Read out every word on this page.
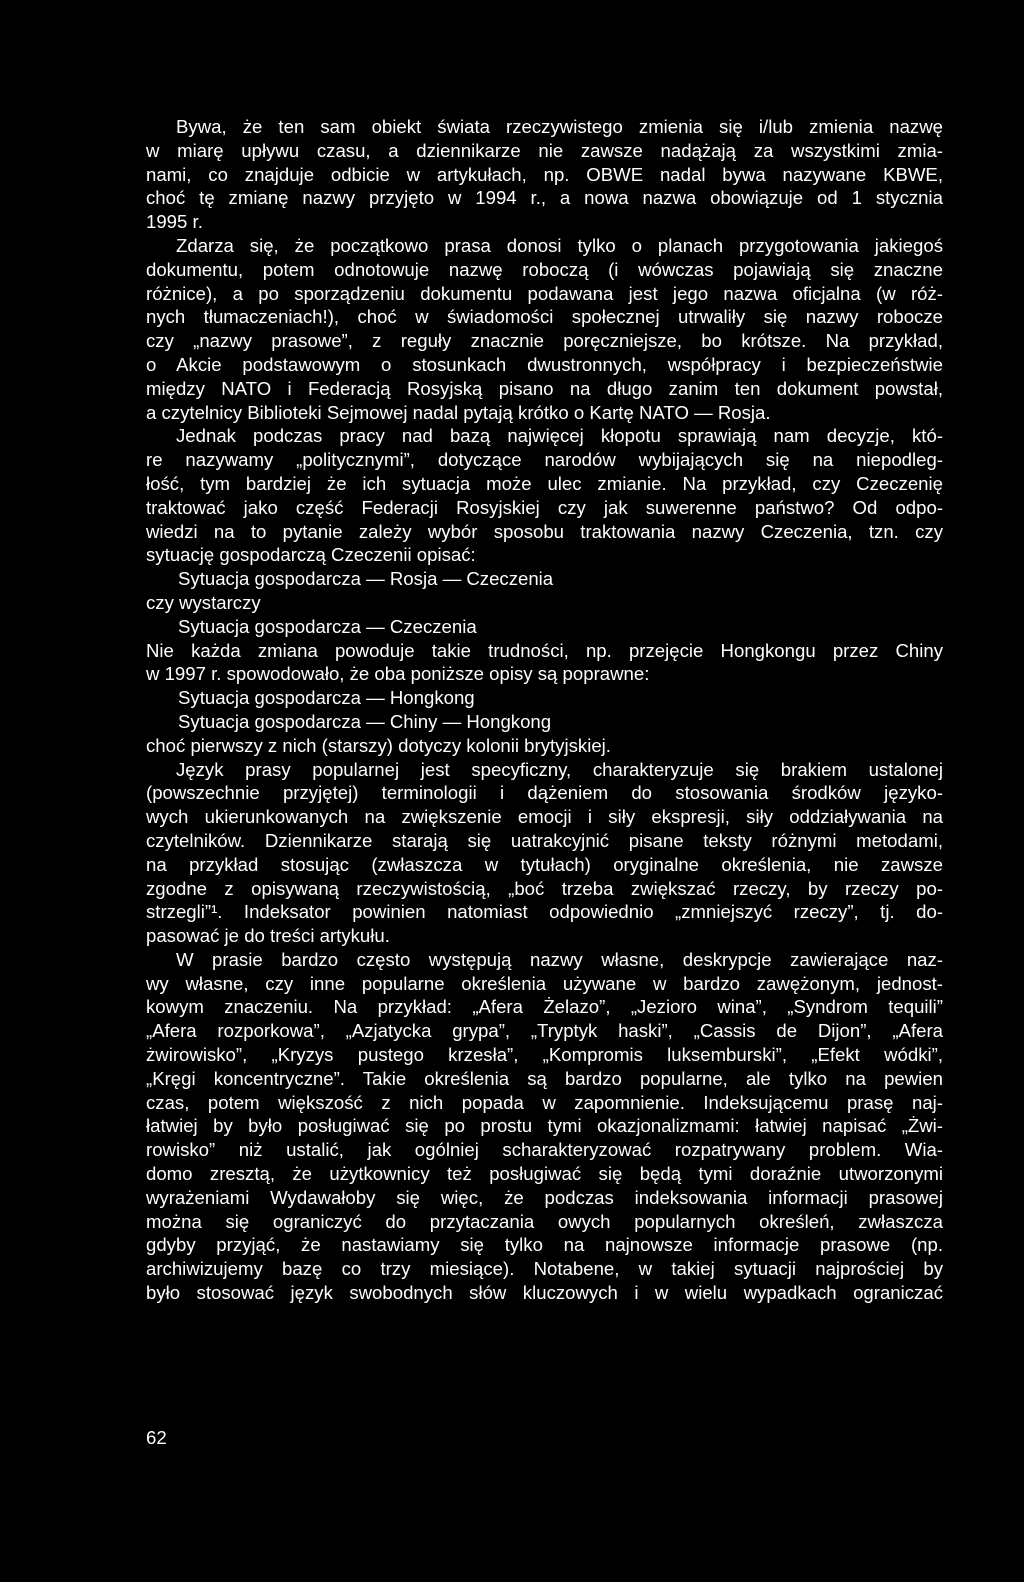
Bywa, że ten sam obiekt świata rzeczywistego zmienia się i/lub zmienia nazwę
w miarę upływu czasu, a dziennikarze nie zawsze nadążają za wszystkimi zmia-
nami, co znajduje odbicie w artykułach, np. OBWE nadal bywa nazywane KBWE,
choć tę zmianę nazwy przyjęto w 1994 r., a nowa nazwa obowiązuje od 1 stycznia
1995 r.
Zdarza się, że początkowo prasa donosi tylko o planach przygotowania jakiegoś
dokumentu, potem odnotowuje nazwę roboczą (i wówczas pojawiają się znaczne
różnice), a po sporządzeniu dokumentu podawana jest jego nazwa oficjalna (w róż-
nych tłumaczeniach!), choć w świadomości społecznej utrwaliły się nazwy robocze
czy „nazwy prasowe”, z reguły znacznie poręczniejsze, bo krótsze. Na przykład,
o Akcie podstawowym o stosunkach dwustronnych, współpracy i bezpieczeństwie
między NATO i Federacją Rosyjską pisano na długo zanim ten dokument powstał,
a czytelnicy Biblioteki Sejmowej nadal pytają krótko o Kartę NATO — Rosja.
Jednak podczas pracy nad bazą najwięcej kłopotu sprawiają nam decyzje, któ-
re nazywamy „politycznymi”, dotyczące narodów wybijających się na niepodleg-
łość, tym bardziej że ich sytuacja może ulec zmianie. Na przykład, czy Czeczenię
traktować jako część Federacji Rosyjskiej czy jak suwerenne państwo? Od odpo-
wiedzi na to pytanie zależy wybór sposobu traktowania nazwy Czeczenia, tzn. czy
sytuację gospodarczą Czeczenii opisać:
Sytuacja gospodarcza — Rosja — Czeczenia
czy wystarczy
Sytuacja gospodarcza — Czeczenia
Nie każda zmiana powoduje takie trudności, np. przejęcie Hongkongu przez Chiny
w 1997 r. spowodowało, że oba poniższe opisy są poprawne:
Sytuacja gospodarcza — Hongkong
Sytuacja gospodarcza — Chiny — Hongkong
choć pierwszy z nich (starszy) dotyczy kolonii brytyjskiej.
Język prasy popularnej jest specyficzny, charakteryzuje się brakiem ustalonej
(powszechnie przyjętej) terminologii i dążeniem do stosowania środków języko-
wych ukierunkowanych na zwiększenie emocji i siły ekspresji, siły oddziaływania na
czytelników. Dziennikarze starają się uatrakcyjnić pisane teksty różnymi metodami,
na przykład stosując (zwłaszcza w tytułach) oryginalne określenia, nie zawsze
zgodne z opisywaną rzeczywistością, „boć trzeba zwiększać rzeczy, by rzeczy po-
strzegli”¹. Indeksator powinien natomiast odpowiednio „zmniejszyć rzeczy”, tj. do-
pasować je do treści artykułu.
W prasie bardzo często występują nazwy własne, deskrypcje zawierające naz-
wy własne, czy inne popularne określenia używane w bardzo zawężonym, jednost-
kowym znaczeniu. Na przykład: „Afera Żelazo”, „Jezioro wina”, „Syndrom tequili”
„Afera rozporkowa”, „Azjatycka grypa”, „Tryptyk haski”, „Cassis de Dijon”, „Afera
żwirowisko”, „Kryzys pustego krzesła”, „Kompromis luksemburski”, „Efekt wódki”,
„Kręgi koncentryczne”. Takie określenia są bardzo popularne, ale tylko na pewien
czas, potem większość z nich popada w zapomnienie. Indeksującemu prasę naj-
łatwiej by było posługiwać się po prostu tymi okazjonalizmami: łatwiej napisać „Żwi-
rowisko” niż ustalić, jak ogólniej scharakteryzować rozpatrywany problem. Wia-
domo zresztą, że użytkownicy też posługiwać się będą tymi doraźnie utworzonymi
wyrażeniami Wydawałoby się więc, że podczas indeksowania informacji prasowej
można się ograniczyć do przytaczania owych popularnych określeń, zwłaszcza
gdyby przyjąć, że nastawiamy się tylko na najnowsze informacje prasowe (np.
archiwizujemy bazę co trzy miesiące). Notabene, w takiej sytuacji najprościej by
było stosować język swobodnych słów kluczowych i w wielu wypadkach ograniczać
62
